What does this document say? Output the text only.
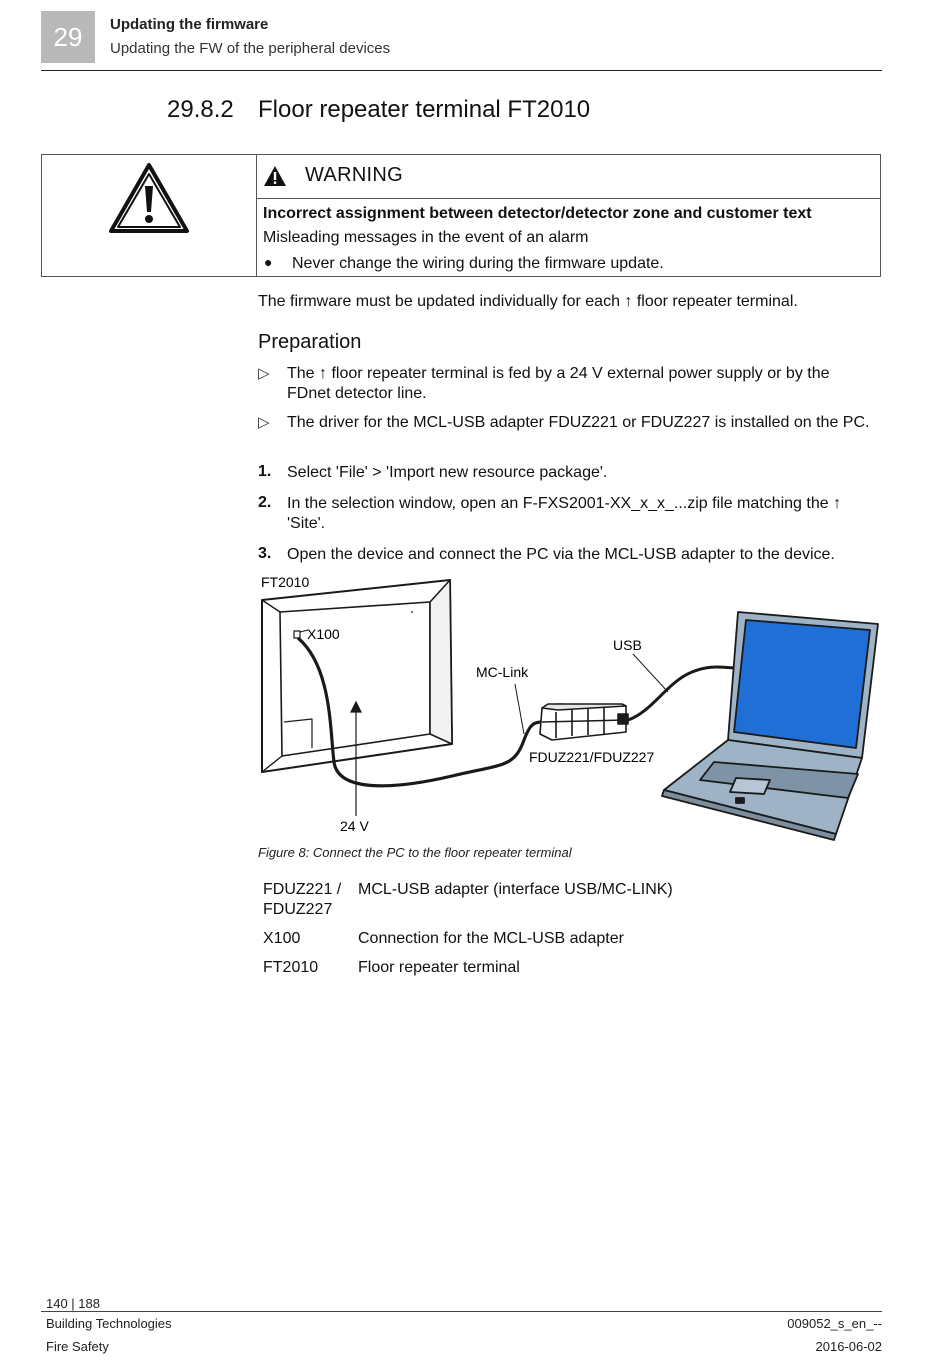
29	Updating the firmware
Updating the FW of the peripheral devices
29.8.2 Floor repeater terminal FT2010
WARNING
Incorrect assignment between detector/detector zone and customer text
Misleading messages in the event of an alarm
● Never change the wiring during the firmware update.
The firmware must be updated individually for each ↑ floor repeater terminal.
Preparation
▷ The ↑ floor repeater terminal is fed by a 24 V external power supply or by the FDnet detector line.
▷ The driver for the MCL-USB adapter FDUZ221 or FDUZ227 is installed on the PC.
1. Select 'File' > 'Import new resource package'.
2. In the selection window, open an F-FXS2001-XX_x_x_...zip file matching the ↑ 'Site'.
3. Open the device and connect the PC via the MCL-USB adapter to the device.
FT2010
X100
USB
MC-Link
FDUZ221/FDUZ227
24 V
Figure 8: Connect the PC to the floor repeater terminal
FDUZ221 /
FDUZ227
MCL-USB adapter (interface USB/MC-LINK)
X100	Connection for the MCL-USB adapter
FT2010 Floor repeater terminal
140 | 188
Building Technologies
Fire Safety
009052_s_en_--
2016-06-02
